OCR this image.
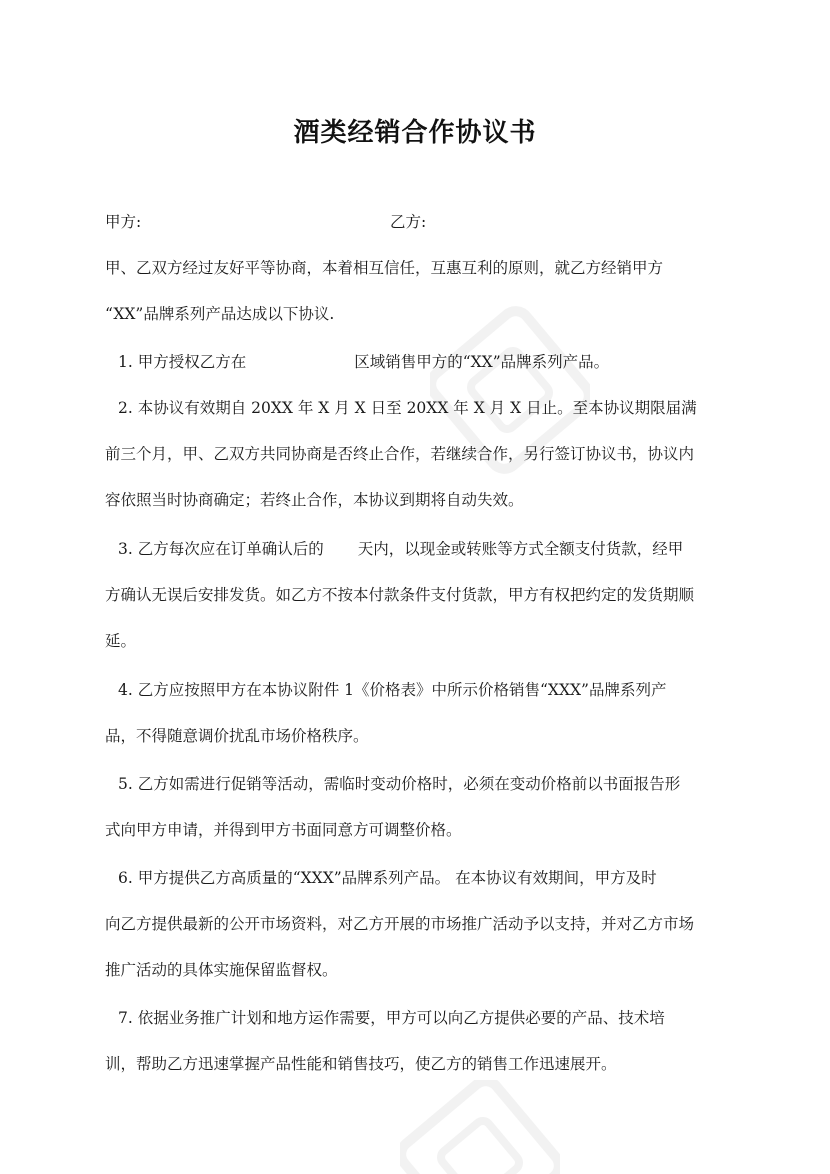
酒类经销合作协议书
甲方:	乙方:
甲、乙双方经过友好平等协商，本着相互信任，互惠互利的原则，就乙方经销甲方
“XX”品牌系列产品达成以下协议.
1. 甲方授权乙方在	区域销售甲方的“XX”品牌系列产品。
2. 本协议有效期自 20XX 年 X 月 X 日至 20XX 年 X 月 X 日止。至本协议期限届满
前三个月，甲、乙双方共同协商是否终止合作，若继续合作，另行签订协议书，协议内
容依照当时协商确定；若终止合作，本协议到期将自动失效。
3. 乙方每次应在订单确认后的 天内，以现金或转账等方式全额支付货款，经甲
方确认无误后安排发货。如乙方不按本付款条件支付货款，甲方有权把约定的发货期顺
延。
4. 乙方应按照甲方在本协议附件 1《价格表》中所示价格销售“XXX”品牌系列产
品，不得随意调价扰乱市场价格秩序。
5. 乙方如需进行促销等活动，需临时变动价格时，必须在变动价格前以书面报告形
式向甲方申请，并得到甲方书面同意方可调整价格。
6. 甲方提供乙方高质量的“XXX”品牌系列产品。 在本协议有效期间，甲方及时
向乙方提供最新的公开市场资料，对乙方开展的市场推广活动予以支持，并对乙方市场
推广活动的具体实施保留监督权。
7. 依据业务推广计划和地方运作需要，甲方可以向乙方提供必要的产品、技术培
训，帮助乙方迅速掌握产品性能和销售技巧，使乙方的销售工作迅速展开。
